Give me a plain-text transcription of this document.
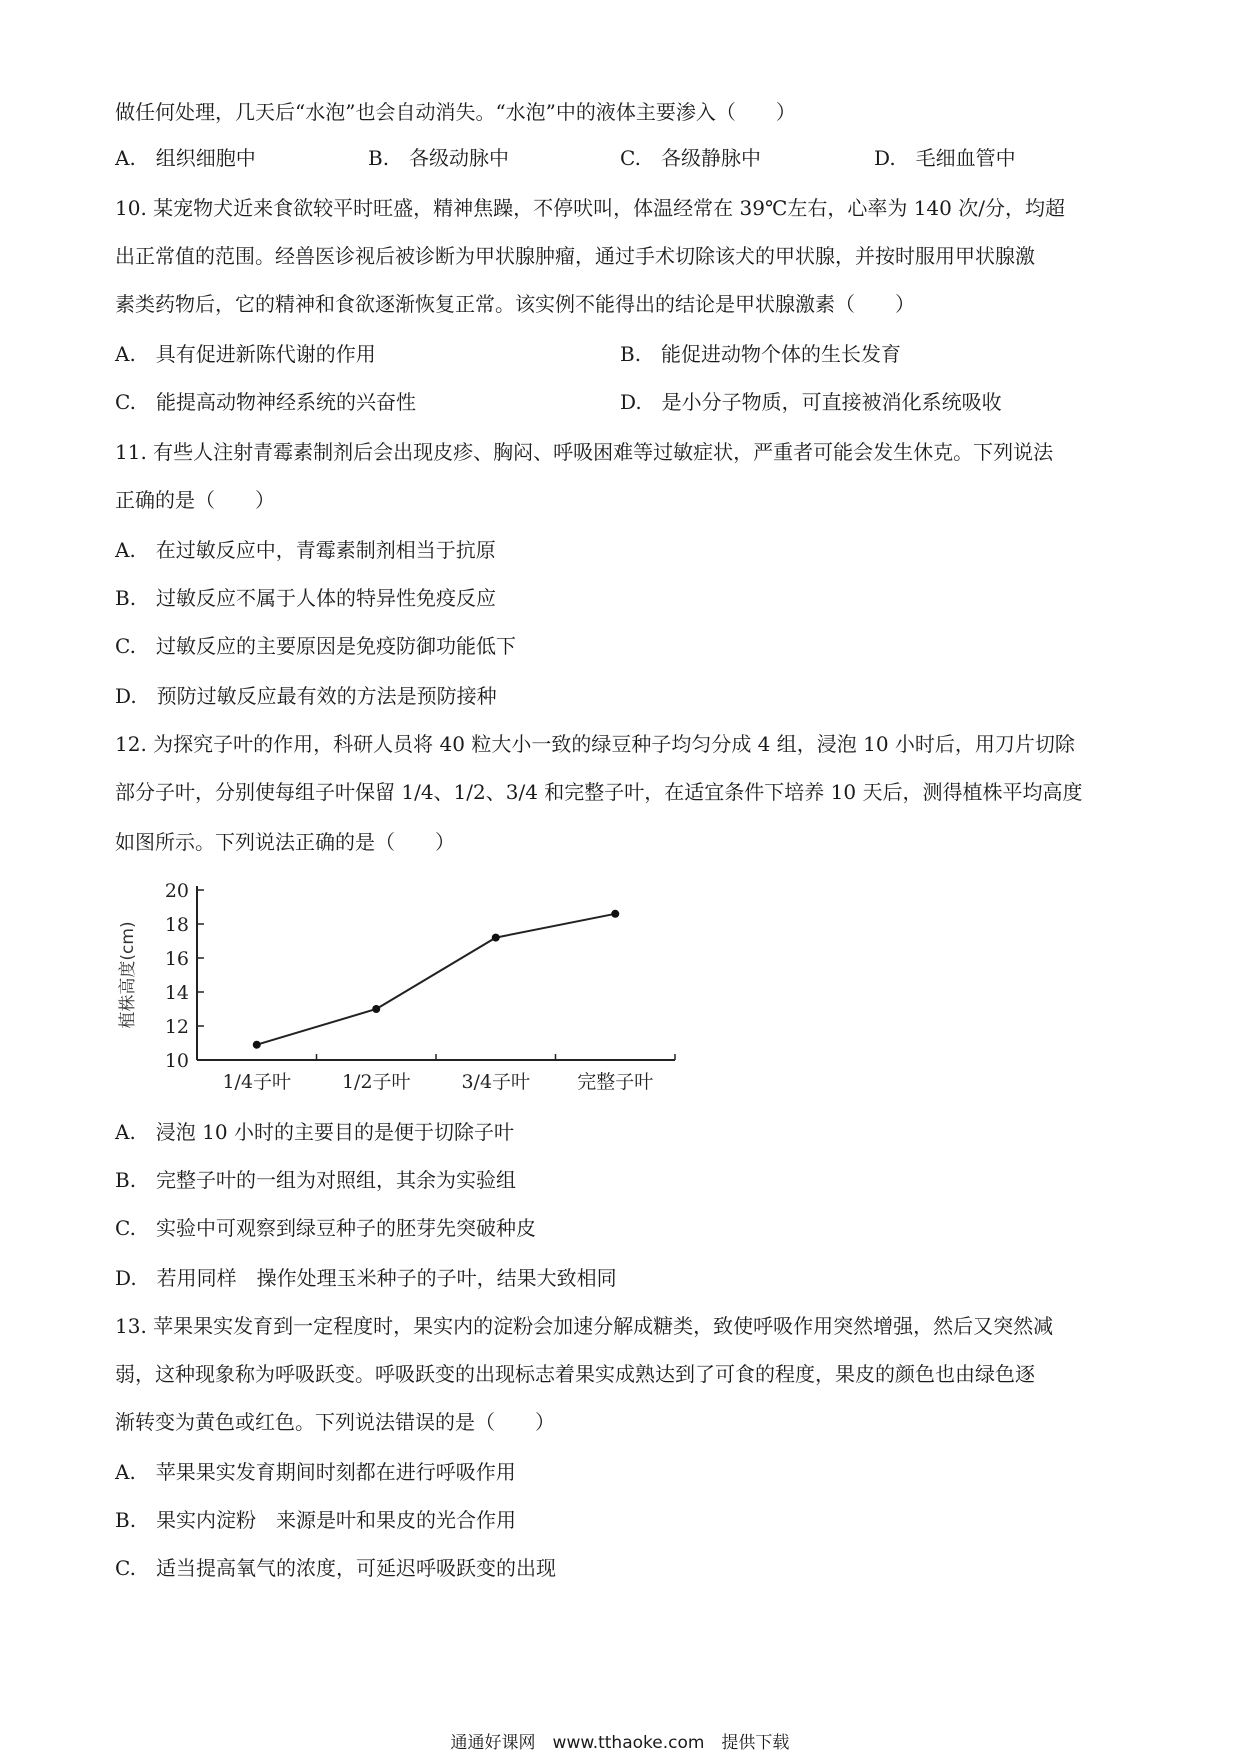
做任何处理，几天后“水泡”也会自动消失。“水泡”中的液体主要渗入（　　）
A.　组织细胞中	B.　各级动脉中	C.　各级静脉中	D.　毛细血管中
10. 某宠物犬近来食欲较平时旺盛，精神焦躁，不停吠叫，体温经常在 39℃左右，心率为 140 次/分，均超
出正常值的范围。经兽医诊视后被诊断为甲状腺肿瘤，通过手术切除该犬的甲状腺，并按时服用甲状腺激
素类药物后，它的精神和食欲逐渐恢复正常。该实例不能得出的结论是甲状腺激素（　　）
A.　具有促进新陈代谢的作用	B.　能促进动物个体的生长发育
C.　能提高动物神经系统的兴奋性	D.　是小分子物质，可直接被消化系统吸收
11. 有些人注射青霉素制剂后会出现皮疹、胸闷、呼吸困难等过敏症状，严重者可能会发生休克。下列说法
正确的是（　　）
A.　在过敏反应中，青霉素制剂相当于抗原
B.　过敏反应不属于人体的特异性免疫反应
C.　过敏反应的主要原因是免疫防御功能低下
D.　预防过敏反应最有效的方法是预防接种
12. 为探究子叶的作用，科研人员将 40 粒大小一致的绿豆种子均匀分成 4 组，浸泡 10 小时后，用刀片切除
部分子叶，分别使每组子叶保留 1/4、1/2、3/4 和完整子叶，在适宜条件下培养 10 天后，测得植株平均高度
如图所示。下列说法正确的是（　　）
20
18
16
14
12
10
植株高度(cm)
1/4子叶	1/2子叶	3/4子叶 完整子叶
A.　浸泡 10 小时的主要目的是便于切除子叶
B.　完整子叶的一组为对照组，其余为实验组
C.　实验中可观察到绿豆种子的胚芽先突破种皮
D.　若用同样　操作处理玉米种子的子叶，结果大致相同
13. 苹果果实发育到一定程度时，果实内的淀粉会加速分解成糖类，致使呼吸作用突然增强，然后又突然减
弱，这种现象称为呼吸跃变。呼吸跃变的出现标志着果实成熟达到了可食的程度，果皮的颜色也由绿色逐
渐转变为黄色或红色。下列说法错误的是（　　）
A.　苹果果实发育期间时刻都在进行呼吸作用
B.　果实内淀粉　来源是叶和果皮的光合作用
C.　适当提高氧气的浓度，可延迟呼吸跃变的出现
通通好课网　www.tthaoke.com　提供下载
